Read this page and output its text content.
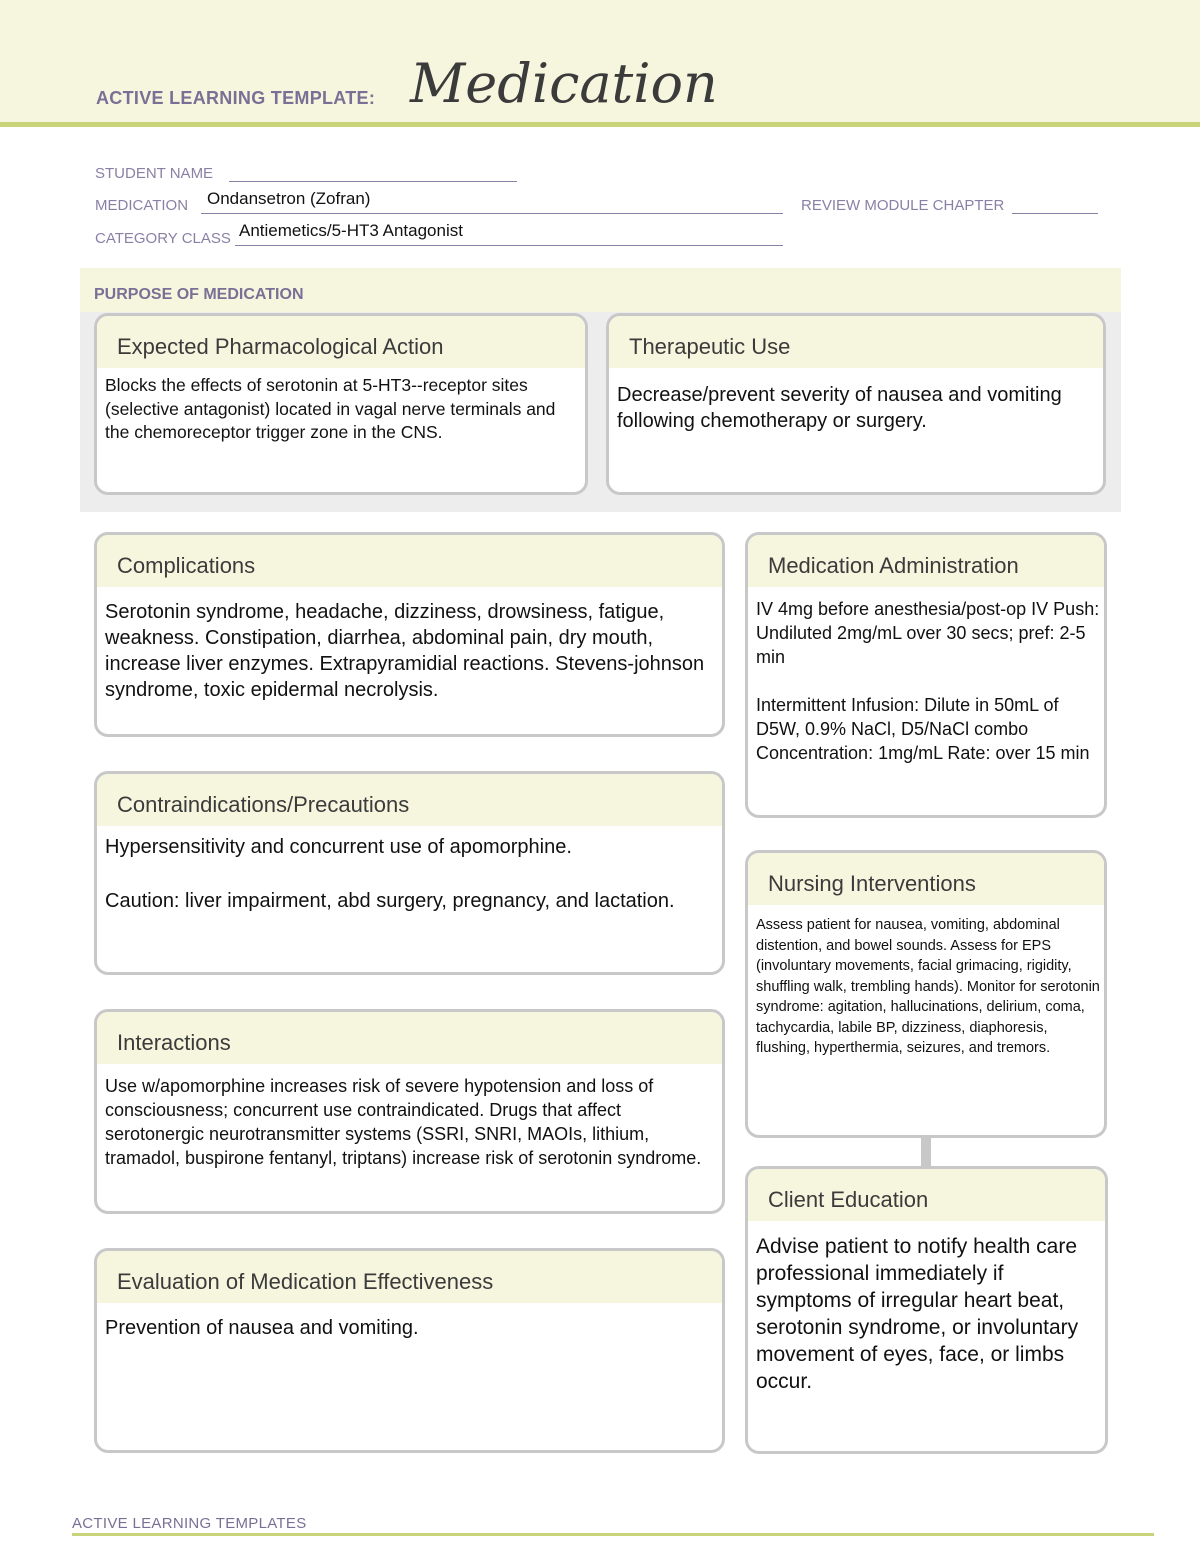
ACTIVE LEARNING TEMPLATE: Medication
STUDENT NAME
MEDICATION Ondansetron (Zofran)	REVIEW MODULE CHAPTER
CATEGORY CLASS Antiemetics/5-HT3 Antagonist
PURPOSE OF MEDICATION
Expected Pharmacological Action
Blocks the effects of serotonin at 5-HT3--receptor sites (selective antagonist) located in vagal nerve terminals and the chemoreceptor trigger zone in the CNS.
Therapeutic Use
Decrease/prevent severity of nausea and vomiting following chemotherapy or surgery.
Complications
Serotonin syndrome, headache, dizziness, drowsiness, fatigue, weakness. Constipation, diarrhea, abdominal pain, dry mouth, increase liver enzymes. Extrapyramidial reactions. Stevens-johnson syndrome, toxic epidermal necrolysis.
Contraindications/Precautions
Hypersensitivity and concurrent use of apomorphine.
Caution: liver impairment, abd surgery, pregnancy, and lactation.
Interactions
Use w/apomorphine increases risk of severe hypotension and loss of consciousness; concurrent use contraindicated. Drugs that affect serotonergic neurotransmitter systems (SSRI, SNRI, MAOIs, lithium, tramadol, buspirone fentanyl, triptans) increase risk of serotonin syndrome.
Evaluation of Medication Effectiveness
Prevention of nausea and vomiting.
Medication Administration
IV 4mg before anesthesia/post-op IV Push: Undiluted 2mg/mL over 30 secs; pref: 2-5 min
Intermittent Infusion: Dilute in 50mL of D5W, 0.9% NaCl, D5/NaCl combo Concentration: 1mg/mL Rate: over 15 min
Nursing Interventions
Assess patient for nausea, vomiting, abdominal distention, and bowel sounds. Assess for EPS (involuntary movements, facial grimacing, rigidity, shuffling walk, trembling hands). Monitor for serotonin syndrome: agitation, hallucinations, delirium, coma, tachycardia, labile BP, dizziness, diaphoresis, flushing, hyperthermia, seizures, and tremors.
Client Education
Advise patient to notify health care professional immediately if symptoms of irregular heart beat, serotonin syndrome, or involuntary movement of eyes, face, or limbs occur.
ACTIVE LEARNING TEMPLATES
